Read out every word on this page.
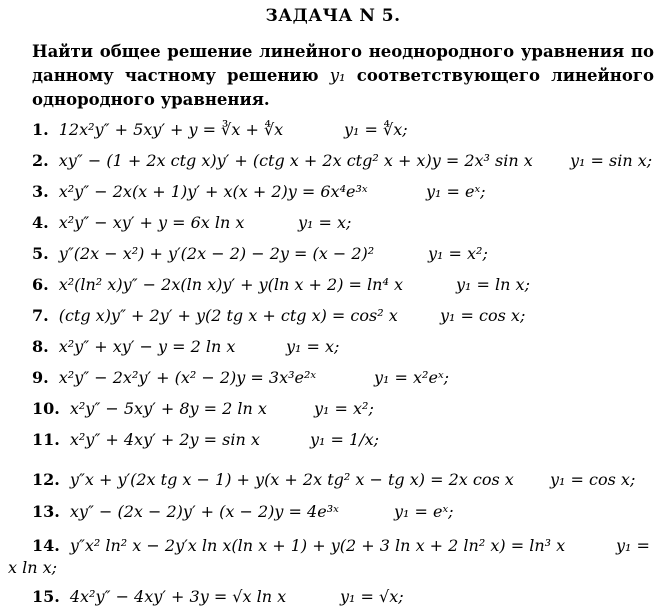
ЗАДАЧА N 5.
Найти общее решение линейного неоднородного уравнения по данному частному решению y₁ соответствующего линейного однородного уравнения.
1. 12x²y″ + 5xy′ + y = ∛x + ∜x	y₁ = ∜x;
2. xy″ − (1 + 2x ctg x)y′ + (ctg x + 2x ctg² x + x)y = 2x³ sin x y₁ = sin x;
3. x²y″ − 2x(x + 1)y′ + x(x + 2)y = 6x⁴e³ˣ	y₁ = eˣ;
4. x²y″ − xy′ + y = 6x ln x	y₁ = x;
5. y″(2x − x²) + y′(2x − 2) − 2y = (x − 2)²	y₁ = x²;
6. x²(ln² x)y″ − 2x(ln x)y′ + y(ln x + 2) = ln⁴ x	y₁ = ln x;
7. (ctg x)y″ + 2y′ + y(2 tg x + ctg x) = cos² x	y₁ = cos x;
8. x²y″ + xy′ − y = 2 ln x	y₁ = x;
9. x²y″ − 2x²y′ + (x² − 2)y = 3x³e²ˣ	y₁ = x²eˣ;
10. x²y″ − 5xy′ + 8y = 2 ln x	y₁ = x²;
11. x²y″ + 4xy′ + 2y = sin x	y₁ = 1/x;
12. y″x + y′(2x tg x − 1) + y(x + 2x tg² x − tg x) = 2x cos x y₁ = cos x;
13. xy″ − (2x − 2)y′ + (x − 2)y = 4e³ˣ	y₁ = eˣ;
14. y″x² ln² x − 2y′x ln x(ln x + 1) + y(2 + 3 ln x + 2 ln² x) = ln³ x	y₁ =
x ln x;
15. 4x²y″ − 4xy′ + 3y = √x ln x	y₁ = √x;
